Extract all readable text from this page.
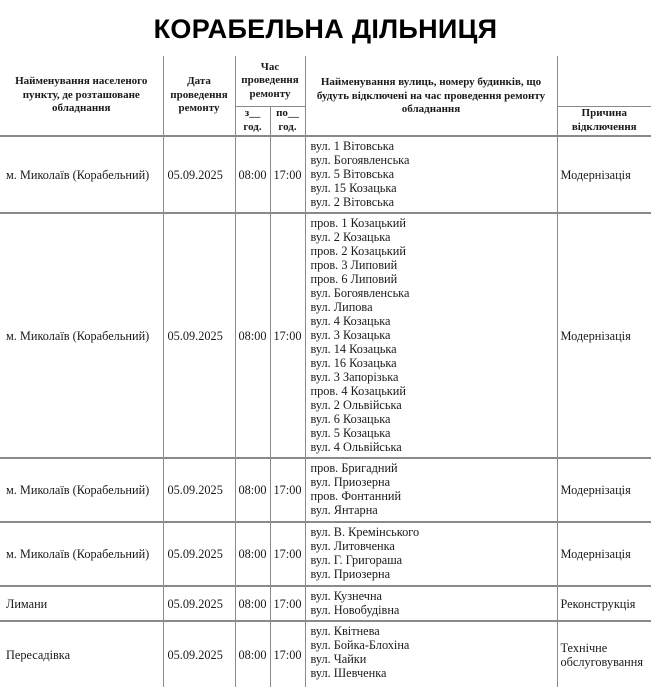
КОРАБЕЛЬНА ДІЛЬНИЦЯ
Найменування населеного пункту, де розташоване обладнання	Дата проведення ремонту	Час проведення ремонту		Найменування вулиць, номеру будинків, що будуть відключені на час проведення ремонту обладнання	
		з__ год.	по__ год.		Причина відключення
м. Миколаїв (Корабельний)	05.09.2025	08:00	17:00	вул. 1 Вітовська
вул. Богоявленська
вул. 5 Вітовська
вул. 15 Козацька
вул. 2 Вітовська	Модернізація
м. Миколаїв (Корабельний)	05.09.2025	08:00	17:00	
пров. 1 Козацький
вул. 2 Козацька
пров. 2 Козацький
пров. 3 Липовий
пров. 6 Липовий
вул. Богоявленська
вул. Липова
вул. 4 Козацька
вул. 3 Козацька
вул. 14 Козацька
вул. 16 Козацька
вул. 3 Запорізька
пров. 4 Козацький
вул. 2 Ольвійська
вул. 6 Козацька
вул. 5 Козацька
вул. 4 Ольвійська
	Модернізація
м. Миколаїв (Корабельний)	05.09.2025	08:00	17:00	пров. Бригадний
вул. Приозерна
пров. Фонтанний
вул. Янтарна	Модернізація
м. Миколаїв (Корабельний)	05.09.2025	08:00	17:00	вул. В. Кремінського
вул. Литовченка
вул. Г. Григораша
вул. Приозерна	Модернізація
Лимани	05.09.2025	08:00	17:00	вул. Кузнечна
вул. Новобудівна	Реконструкція
Пересадівка	05.09.2025	08:00	17:00	вул. Квітнева
вул. Бойка-Блохіна
вул. Чайки
вул. Шевченка	Технічне обслуговування
